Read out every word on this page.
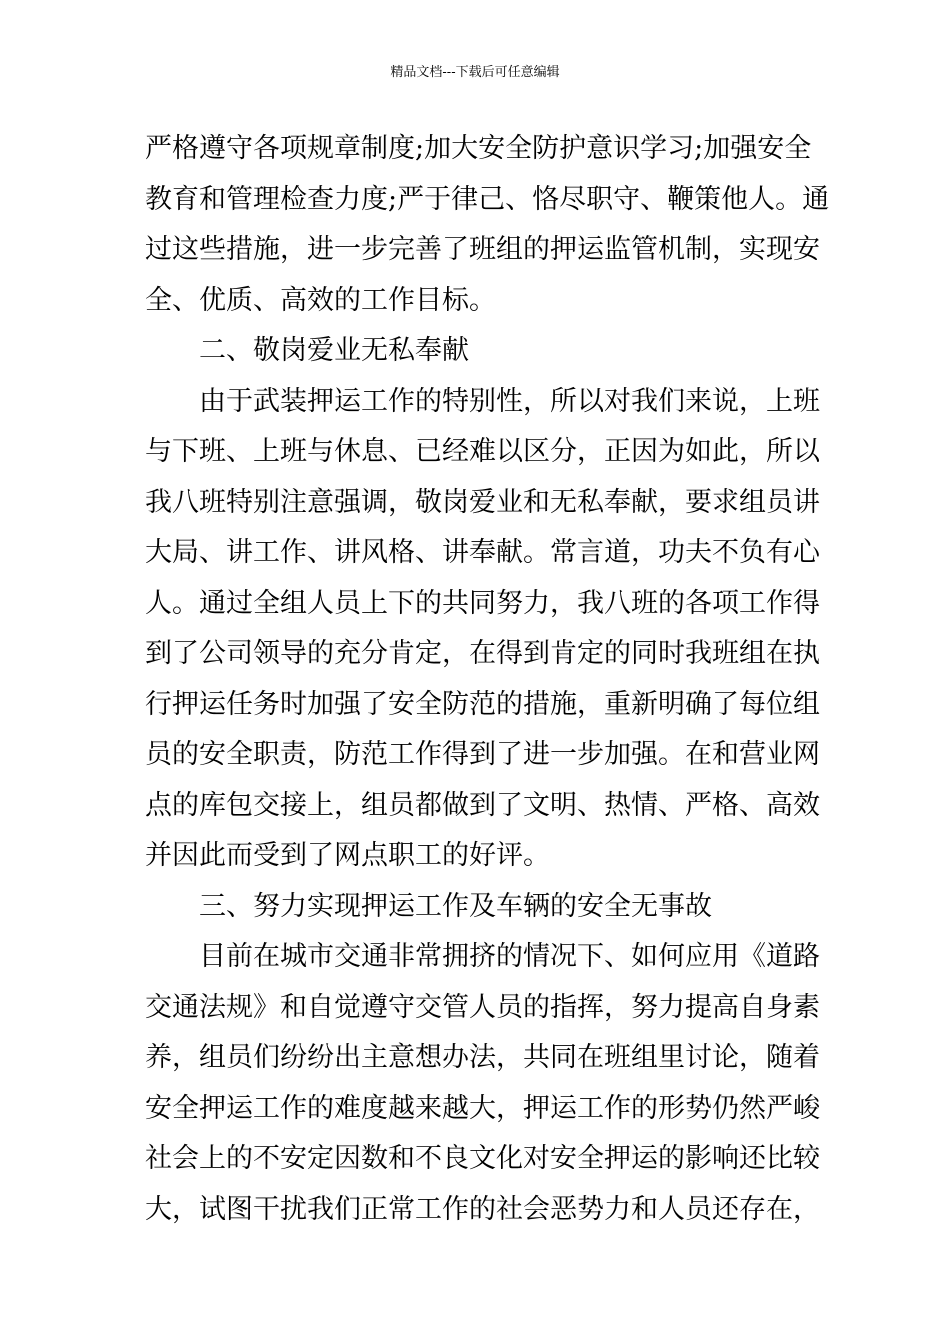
精品文档---下载后可任意编辑
严格遵守各项规章制度;加大安全防护意识学习;加强安全
教育和管理检查力度;严于律己、恪尽职守、鞭策他人。通
过这些措施，进一步完善了班组的押运监管机制，实现安
全、优质、高效的工作目标。
二、敬岗爱业无私奉献
由于武装押运工作的特别性，所以对我们来说，上班
与下班、上班与休息、已经难以区分，正因为如此，所以
我八班特别注意强调，敬岗爱业和无私奉献，要求组员讲
大局、讲工作、讲风格、讲奉献。常言道，功夫不负有心
人。通过全组人员上下的共同努力，我八班的各项工作得
到了公司领导的充分肯定，在得到肯定的同时我班组在执
行押运任务时加强了安全防范的措施，重新明确了每位组
员的安全职责，防范工作得到了进一步加强。在和营业网
点的库包交接上，组员都做到了文明、热情、严格、高效
并因此而受到了网点职工的好评。
三、努力实现押运工作及车辆的安全无事故
目前在城市交通非常拥挤的情况下、如何应用《道路
交通法规》和自觉遵守交管人员的指挥，努力提高自身素
养，组员们纷纷出主意想办法，共同在班组里讨论，随着
安全押运工作的难度越来越大，押运工作的形势仍然严峻
社会上的不安定因数和不良文化对安全押运的影响还比较
大，试图干扰我们正常工作的社会恶势力和人员还存在，
